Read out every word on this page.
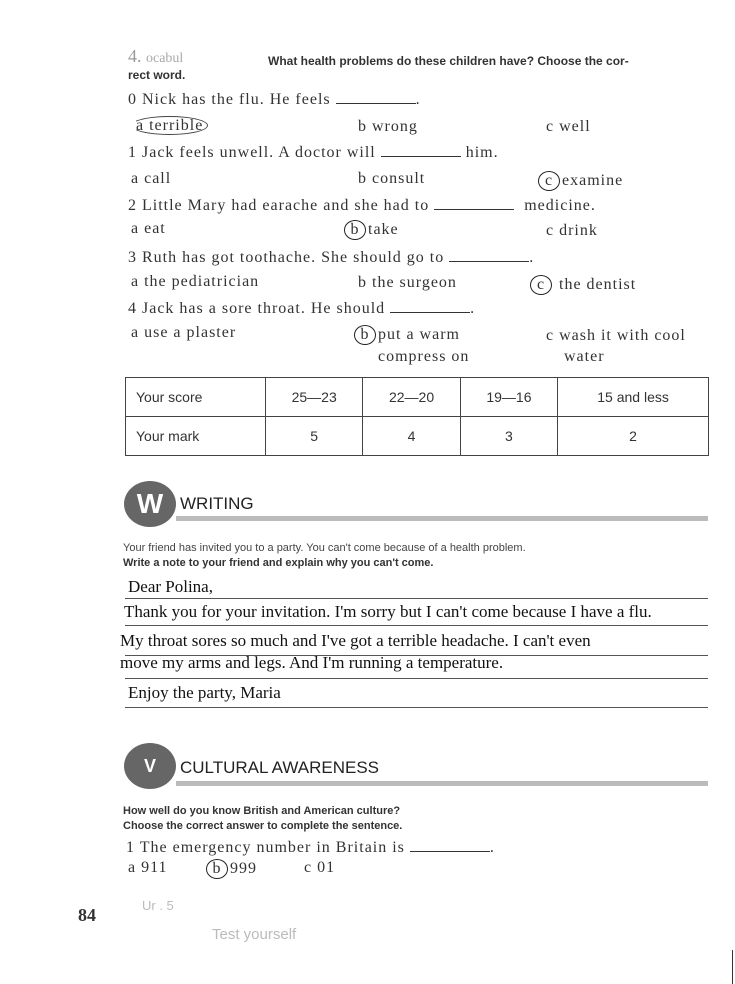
4. ocabul	What health problems do these children have? Choose the cor-
rect word.
0 Nick has the flu. He feels	.
a terrible	b wrong	c well
1 Jack feels unwell. A doctor will	him.
a call	b consult	c examine
2 Little Mary had earache and she had to	medicine.
a eat	b take	c drink
3 Ruth has got toothache. She should go to	.
a the pediatrician	b the surgeon	c the dentist
4 Jack has a sore throat. He should	.
a use a plaster	b put a warm
compress on
c wash it with cool
water
Your score	25—23	22—20	19—16	15 and less
Your mark	5	4	3	2
W WRITING
Your friend has invited you to a party. You can't come because of a health problem.
Write a note to your friend and explain why you can't come.
Dear Polina,
Thank you for your invitation. I'm sorry but I can't come because I have a flu.
My throat sores so much and I've got a terrible headache. I can't even
move my arms and legs. And I'm running a temperature.
Enjoy the party, Maria
V	CULTURAL AWARENESS
How well do you know British and American culture?
Choose the correct answer to complete the sentence.
1 The emergency number in Britain is	.
a 911	b 999	c 01
84	Ur . 5
Test yourself
